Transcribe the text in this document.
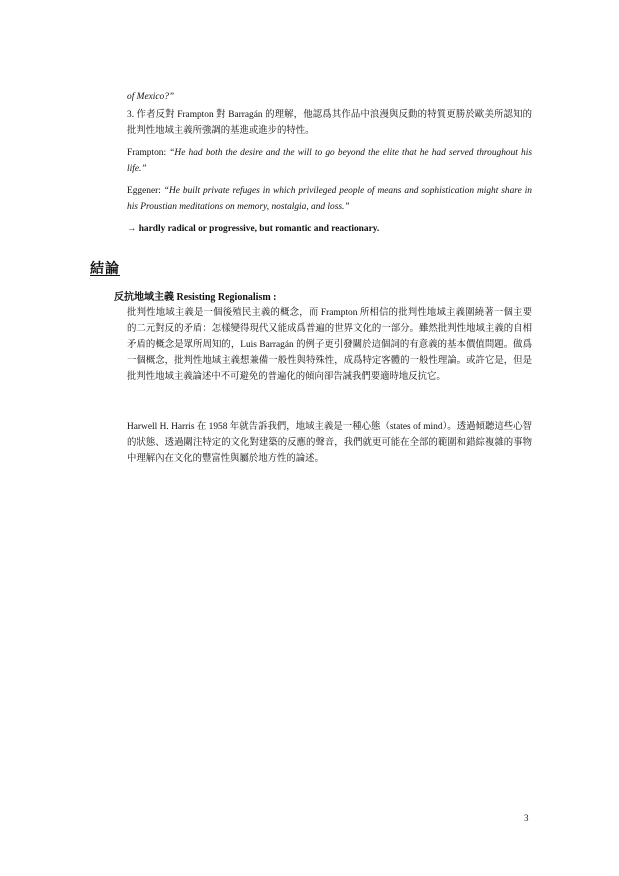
of Mexico?”
3. 作者反對 Frampton 對 Barragán 的理解，他認爲其作品中浪漫與反動的特質更勝於歐美所認知的批判性地域主義所強調的基進或進步的特性。
Frampton: “He had both the desire and the will to go beyond the elite that he had served throughout his life.”
Eggener: “He built private refuges in which privileged people of means and sophistication might share in his Proustian meditations on memory, nostalgia, and loss.”
→ hardly radical or progressive, but romantic and reactionary.
結論
反抗地域主義 Resisting Regionalism :
批判性地域主義是一個後殖民主義的概念，而 Frampton 所相信的批判性地域主義圍繞著一個主要的二元對反的矛盾：怎樣變得現代又能成爲普遍的世界文化的一部分。雖然批判性地域主義的自相矛盾的概念是眾所周知的，Luis Barragán 的例子更引發關於這個詞的有意義的基本價值問題。做爲一個概念，批判性地域主義想兼備一般性與特殊性，成爲特定客體的一般性理論。或許它是，但是批判性地域主義論述中不可避免的普遍化的傾向卻告誡我們要適時地反抗它。
Harwell H. Harris 在 1958 年就告訴我們，地域主義是一種心態（states of mind）。透過傾聽這些心智的狀態、透過關注特定的文化對建築的反應的聲音，我們就更可能在全部的範圍和錯綜複雜的事物中理解內在文化的豐富性與屬於地方性的論述。
3
